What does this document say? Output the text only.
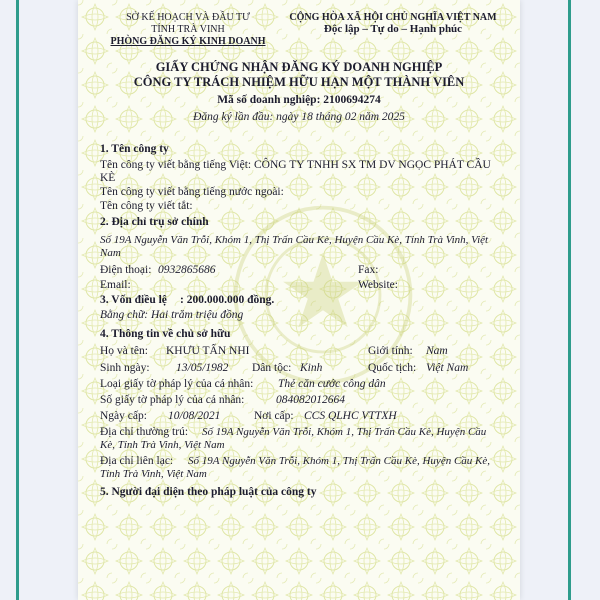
SỞ KẾ HOẠCH VÀ ĐẦU TƯ
TỈNH TRÀ VINH
PHÒNG ĐĂNG KÝ KINH DOANH
CỘNG HÒA XÃ HỘI CHỦ NGHĨA VIỆT NAM
Độc lập – Tự do – Hạnh phúc
GIẤY CHỨNG NHẬN ĐĂNG KÝ DOANH NGHIỆP
CÔNG TY TRÁCH NHIỆM HỮU HẠN MỘT THÀNH VIÊN
Mã số doanh nghiệp: 2100694274
Đăng ký lần đầu: ngày 18 tháng 02 năm 2025
1. Tên công ty
Tên công ty viết bằng tiếng Việt: CÔNG TY TNHH SX TM DV NGỌC PHÁT CẦU
KÈ
Tên công ty viết bằng tiếng nước ngoài:
Tên công ty viết tắt:
2. Địa chỉ trụ sở chính
Số 19A Nguyễn Văn Trỗi, Khóm 1, Thị Trấn Cầu Kè, Huyện Cầu Kè, Tỉnh Trà Vinh, Việt
Nam
Điện thoại: 0932865686	Fax:
Email:	Website:
3. Vốn điều lệ : 200.000.000 đồng.
Bằng chữ: Hai trăm triệu đồng
4. Thông tin về chủ sở hữu
Họ và tên: KHƯU TẤN NHI	Giới tính: Nam
Sinh ngày: 13/05/1982 Dân tộc: Kinh	Quốc tịch: Việt Nam
Loại giấy tờ pháp lý của cá nhân: Thẻ căn cước công dân
Số giấy tờ pháp lý của cá nhân:	084082012664
Ngày cấp: 10/08/2021	Nơi cấp: CCS QLHC VTTXH
Địa chỉ thường trú: Số 19A Nguyễn Văn Trỗi, Khóm 1, Thị Trấn Cầu Kè, Huyện Cầu
Kè, Tỉnh Trà Vinh, Việt Nam
Địa chỉ liên lạc: Số 19A Nguyễn Văn Trỗi, Khóm 1, Thị Trấn Cầu Kè, Huyện Cầu Kè,
Tỉnh Trà Vinh, Việt Nam
5. Người đại diện theo pháp luật của công ty
